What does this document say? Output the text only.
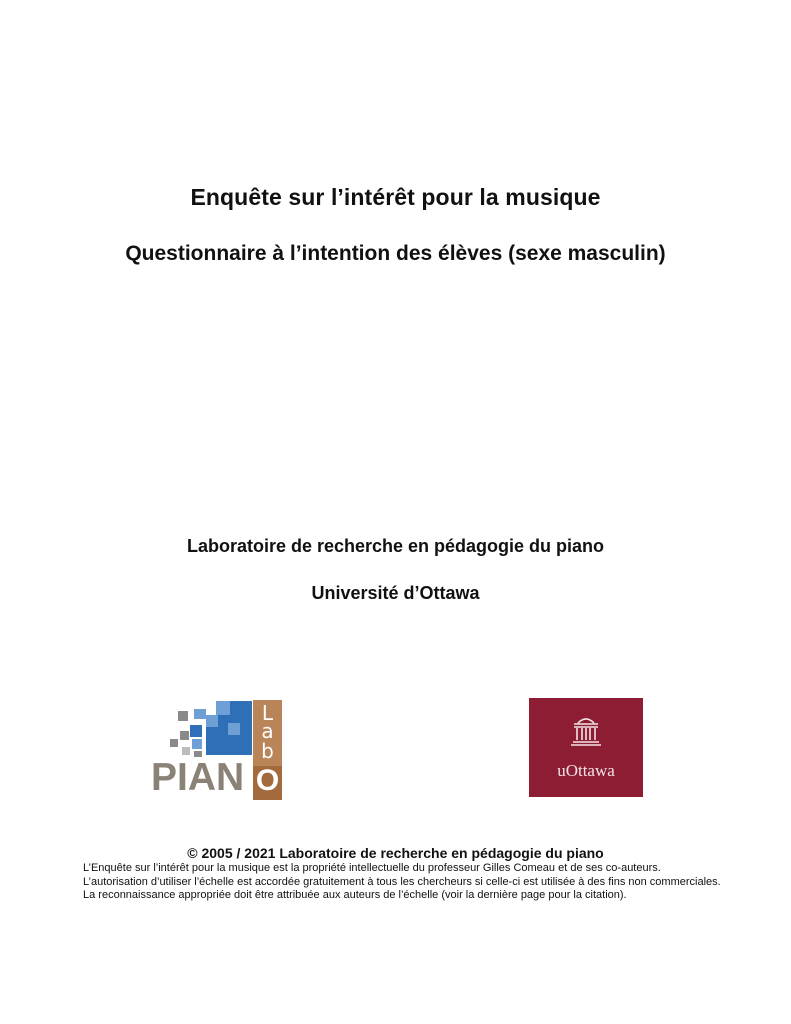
Enquête sur l’intérêt pour la musique
Questionnaire à l’intention des élèves (sexe masculin)
Laboratoire de recherche en pédagogie du piano
Université d’Ottawa
L
a
b
PIAN O	uOttawa
© 2005 / 2021 Laboratoire de recherche en pédagogie du piano
L’Enquête sur l’intérêt pour la musique est la propriété intellectuelle du professeur Gilles Comeau et de ses co-auteurs. L’autorisation d’utiliser l’échelle est accordée gratuitement à tous les chercheurs si celle-ci est utilisée à des fins non commerciales. La reconnaissance appropriée doit être attribuée aux auteurs de l’échelle (voir la dernière page pour la citation).
